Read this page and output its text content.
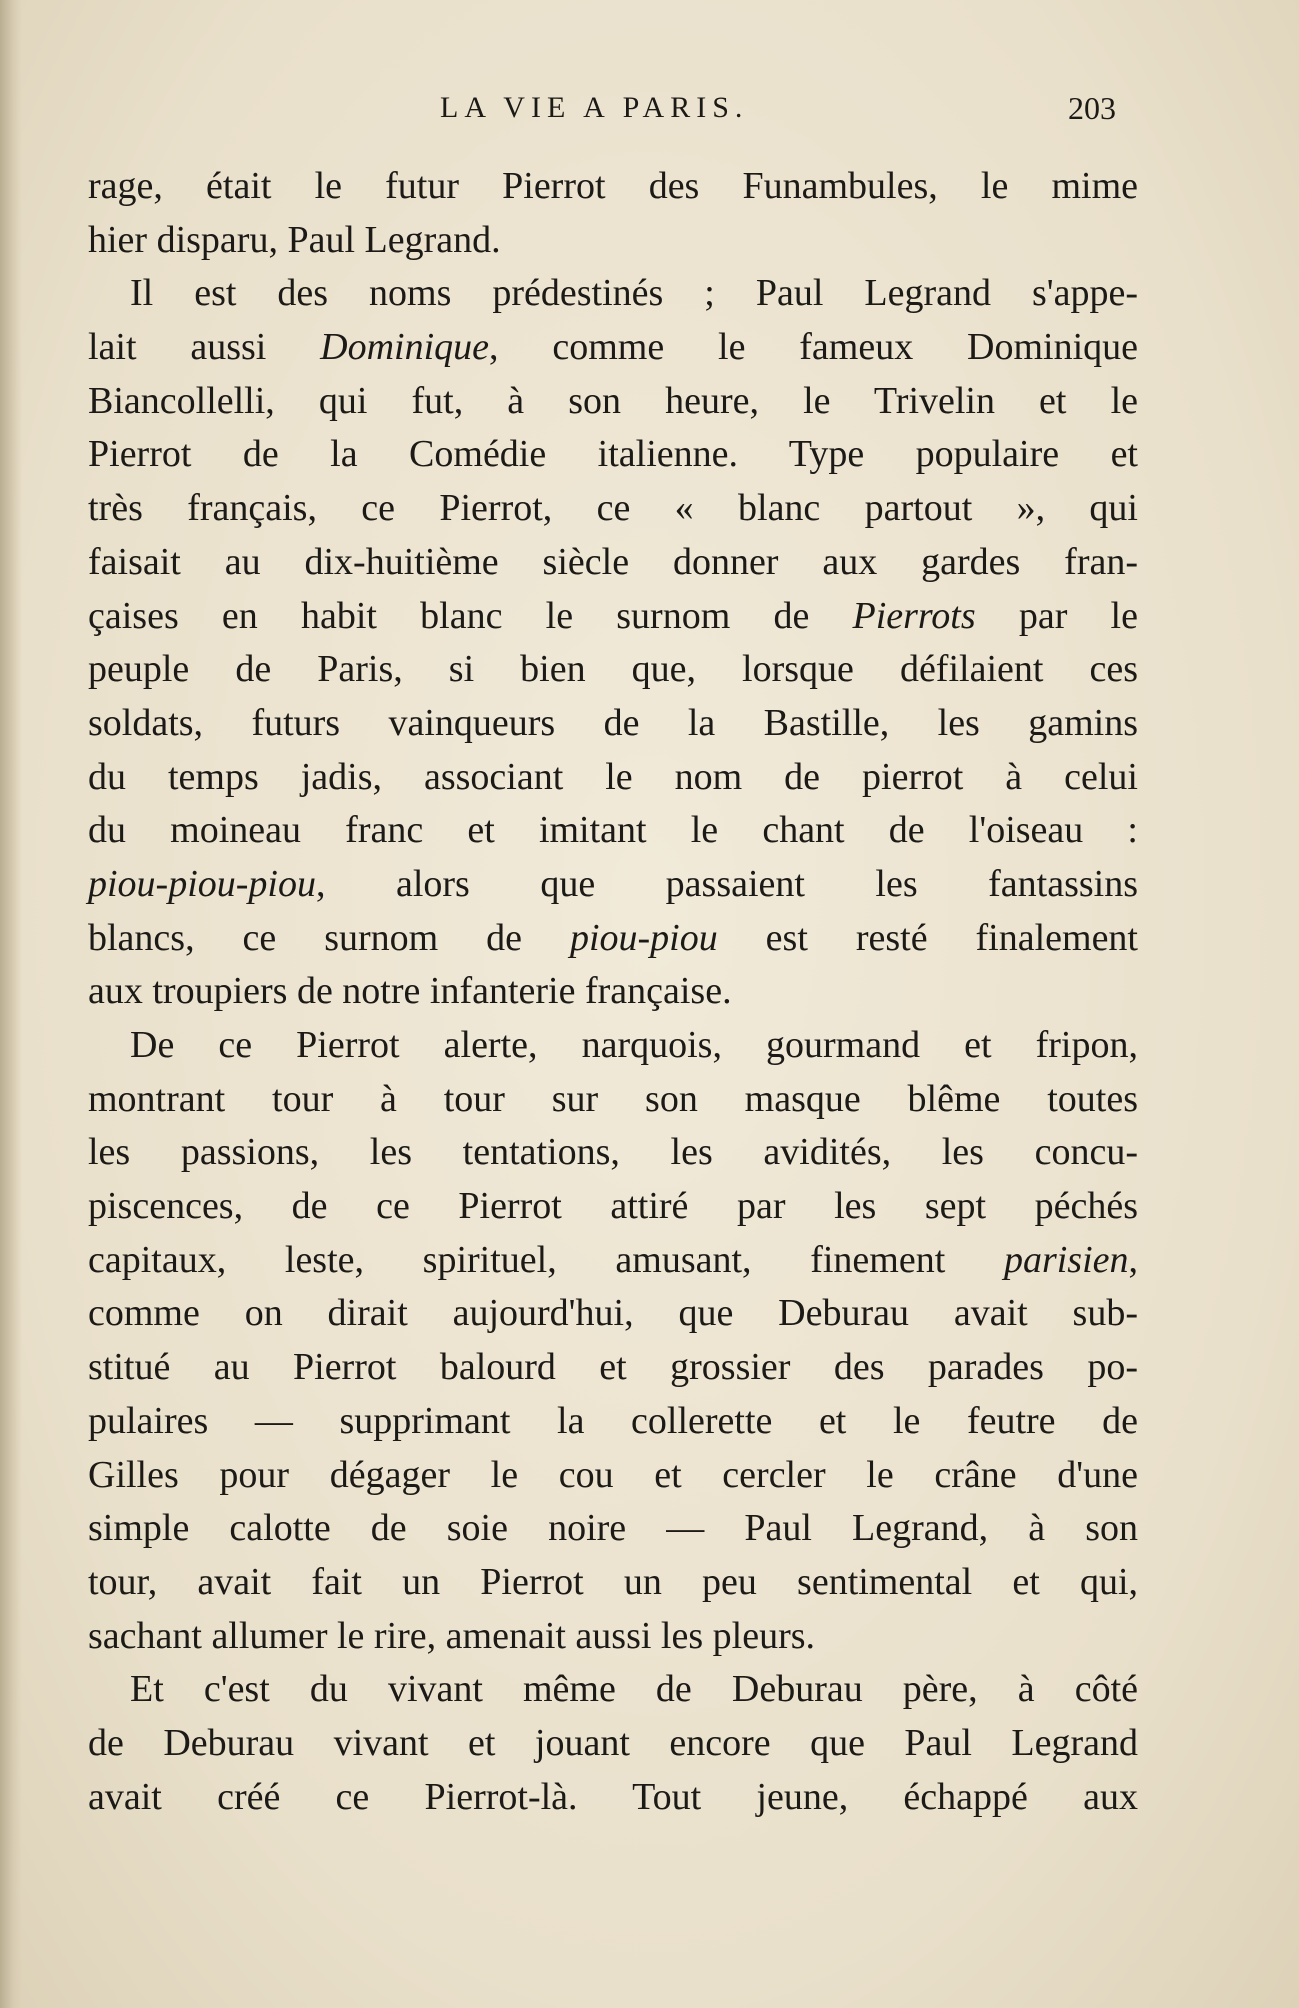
LA VIE A PARIS.	203
rage, était le futur Pierrot des Funambules, le mime
hier disparu, Paul Legrand.
Il est des noms prédestinés ; Paul Legrand s'appe-
lait aussi Dominique, comme le fameux Dominique
Biancollelli, qui fut, à son heure, le Trivelin et le
Pierrot de la Comédie italienne. Type populaire et
très français, ce Pierrot, ce « blanc partout », qui
faisait au dix-huitième siècle donner aux gardes fran-
çaises en habit blanc le surnom de Pierrots par le
peuple de Paris, si bien que, lorsque défilaient ces
soldats, futurs vainqueurs de la Bastille, les gamins
du temps jadis, associant le nom de pierrot à celui
du moineau franc et imitant le chant de l'oiseau :
piou-piou-piou, alors que passaient les fantassins
blancs, ce surnom de piou-piou est resté finalement
aux troupiers de notre infanterie française.
De ce Pierrot alerte, narquois, gourmand et fripon,
montrant tour à tour sur son masque blême toutes
les passions, les tentations, les avidités, les concu-
piscences, de ce Pierrot attiré par les sept péchés
capitaux, leste, spirituel, amusant, finement parisien,
comme on dirait aujourd'hui, que Deburau avait sub-
stitué au Pierrot balourd et grossier des parades po-
pulaires — supprimant la collerette et le feutre de
Gilles pour dégager le cou et cercler le crâne d'une
simple calotte de soie noire — Paul Legrand, à son
tour, avait fait un Pierrot un peu sentimental et qui,
sachant allumer le rire, amenait aussi les pleurs.
Et c'est du vivant même de Deburau père, à côté
de Deburau vivant et jouant encore que Paul Legrand
avait créé ce Pierrot-là. Tout jeune, échappé aux
